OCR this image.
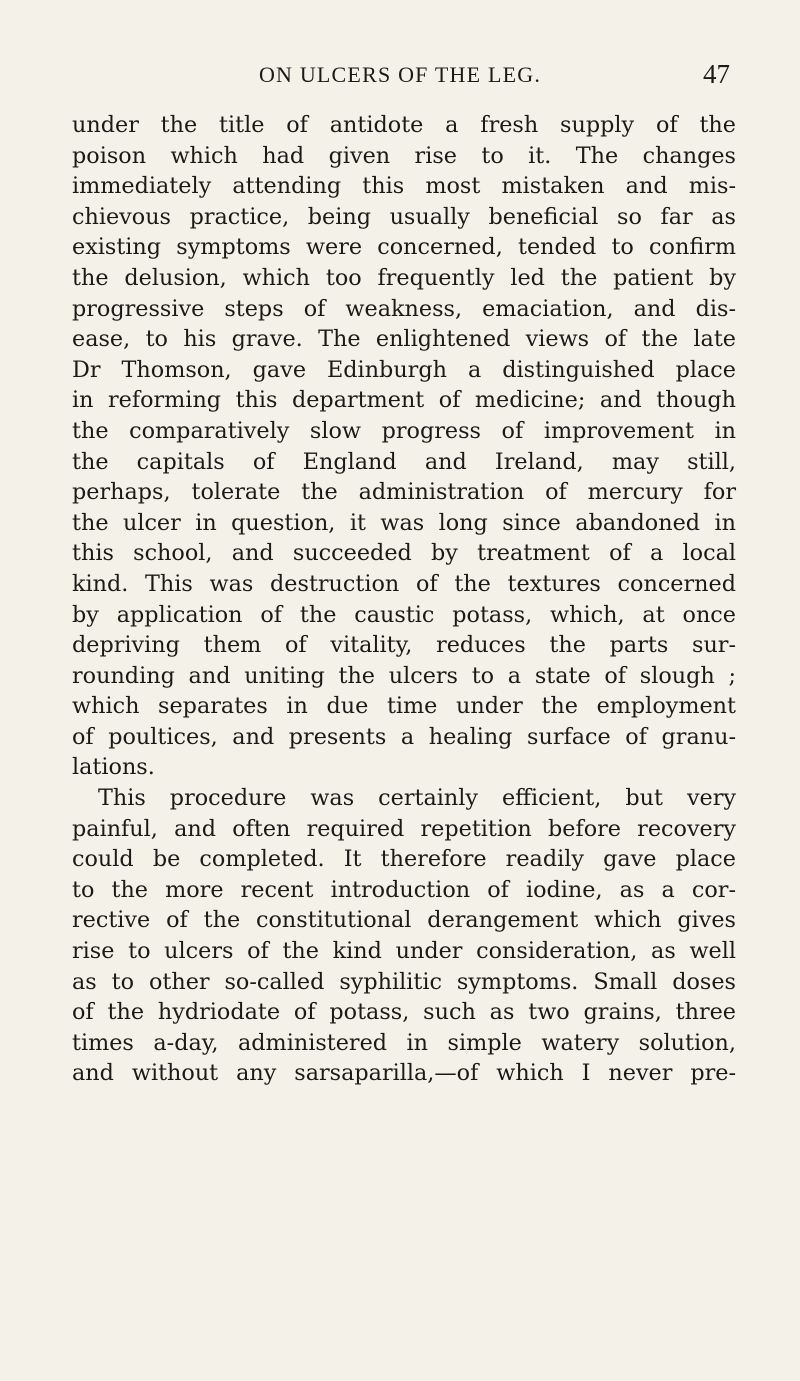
ON ULCERS OF THE LEG.	47
under the title of antidote a fresh supply of the
poison which had given rise to it. The changes
immediately attending this most mistaken and mis-
chievous practice, being usually beneficial so far as
existing symptoms were concerned, tended to confirm
the delusion, which too frequently led the patient by
progressive steps of weakness, emaciation, and dis-
ease, to his grave. The enlightened views of the late
Dr Thomson, gave Edinburgh a distinguished place
in reforming this department of medicine; and though
the comparatively slow progress of improvement in
the capitals of England and Ireland, may still,
perhaps, tolerate the administration of mercury for
the ulcer in question, it was long since abandoned in
this school, and succeeded by treatment of a local
kind. This was destruction of the textures concerned
by application of the caustic potass, which, at once
depriving them of vitality, reduces the parts sur-
rounding and uniting the ulcers to a state of slough ;
which separates in due time under the employment
of poultices, and presents a healing surface of granu-
lations.
This procedure was certainly efficient, but very
painful, and often required repetition before recovery
could be completed. It therefore readily gave place
to the more recent introduction of iodine, as a cor-
rective of the constitutional derangement which gives
rise to ulcers of the kind under consideration, as well
as to other so-called syphilitic symptoms. Small doses
of the hydriodate of potass, such as two grains, three
times a-day, administered in simple watery solution,
and without any sarsaparilla,—of which I never pre-
